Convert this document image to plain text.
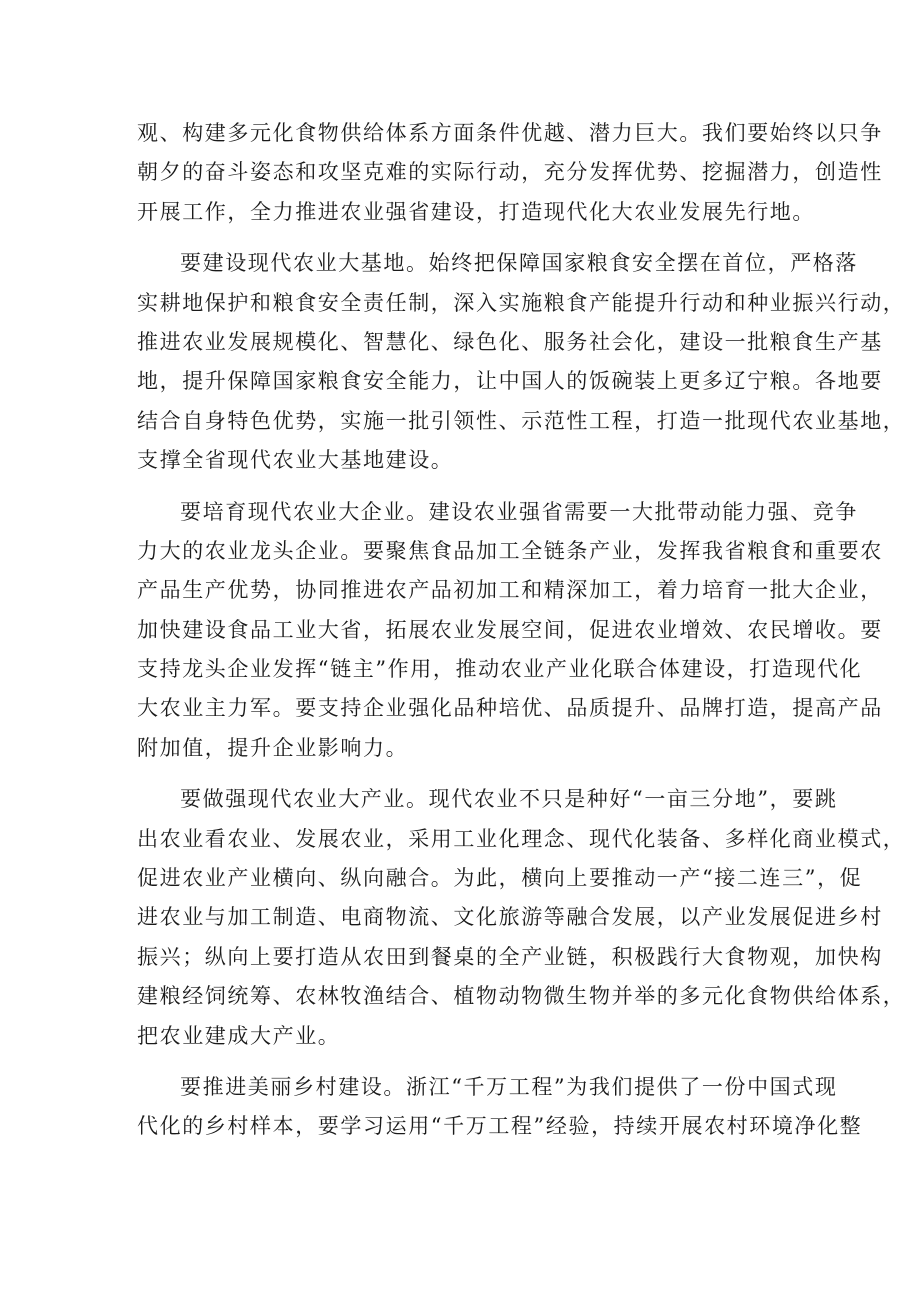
观、构建多元化食物供给体系方面条件优越、潜力巨大。我们要始终以只争
朝夕的奋斗姿态和攻坚克难的实际行动，充分发挥优势、挖掘潜力，创造性
开展工作，全力推进农业强省建设，打造现代化大农业发展先行地。
要建设现代农业大基地。始终把保障国家粮食安全摆在首位，严格落
实耕地保护和粮食安全责任制，深入实施粮食产能提升行动和种业振兴行动，
推进农业发展规模化、智慧化、绿色化、服务社会化，建设一批粮食生产基
地，提升保障国家粮食安全能力，让中国人的饭碗装上更多辽宁粮。各地要
结合自身特色优势，实施一批引领性、示范性工程，打造一批现代农业基地，
支撑全省现代农业大基地建设。
要培育现代农业大企业。建设农业强省需要一大批带动能力强、竞争
力大的农业龙头企业。要聚焦食品加工全链条产业，发挥我省粮食和重要农
产品生产优势，协同推进农产品初加工和精深加工，着力培育一批大企业，
加快建设食品工业大省，拓展农业发展空间，促进农业增效、农民增收。要
支持龙头企业发挥“链主”作用，推动农业产业化联合体建设，打造现代化
大农业主力军。要支持企业强化品种培优、品质提升、品牌打造，提高产品
附加值，提升企业影响力。
要做强现代农业大产业。现代农业不只是种好“一亩三分地”，要跳
出农业看农业、发展农业，采用工业化理念、现代化装备、多样化商业模式，
促进农业产业横向、纵向融合。为此，横向上要推动一产“接二连三”，促
进农业与加工制造、电商物流、文化旅游等融合发展，以产业发展促进乡村
振兴；纵向上要打造从农田到餐桌的全产业链，积极践行大食物观，加快构
建粮经饲统筹、农林牧渔结合、植物动物微生物并举的多元化食物供给体系，
把农业建成大产业。
要推进美丽乡村建设。浙江“千万工程”为我们提供了一份中国式现
代化的乡村样本，要学习运用“千万工程”经验，持续开展农村环境净化整
